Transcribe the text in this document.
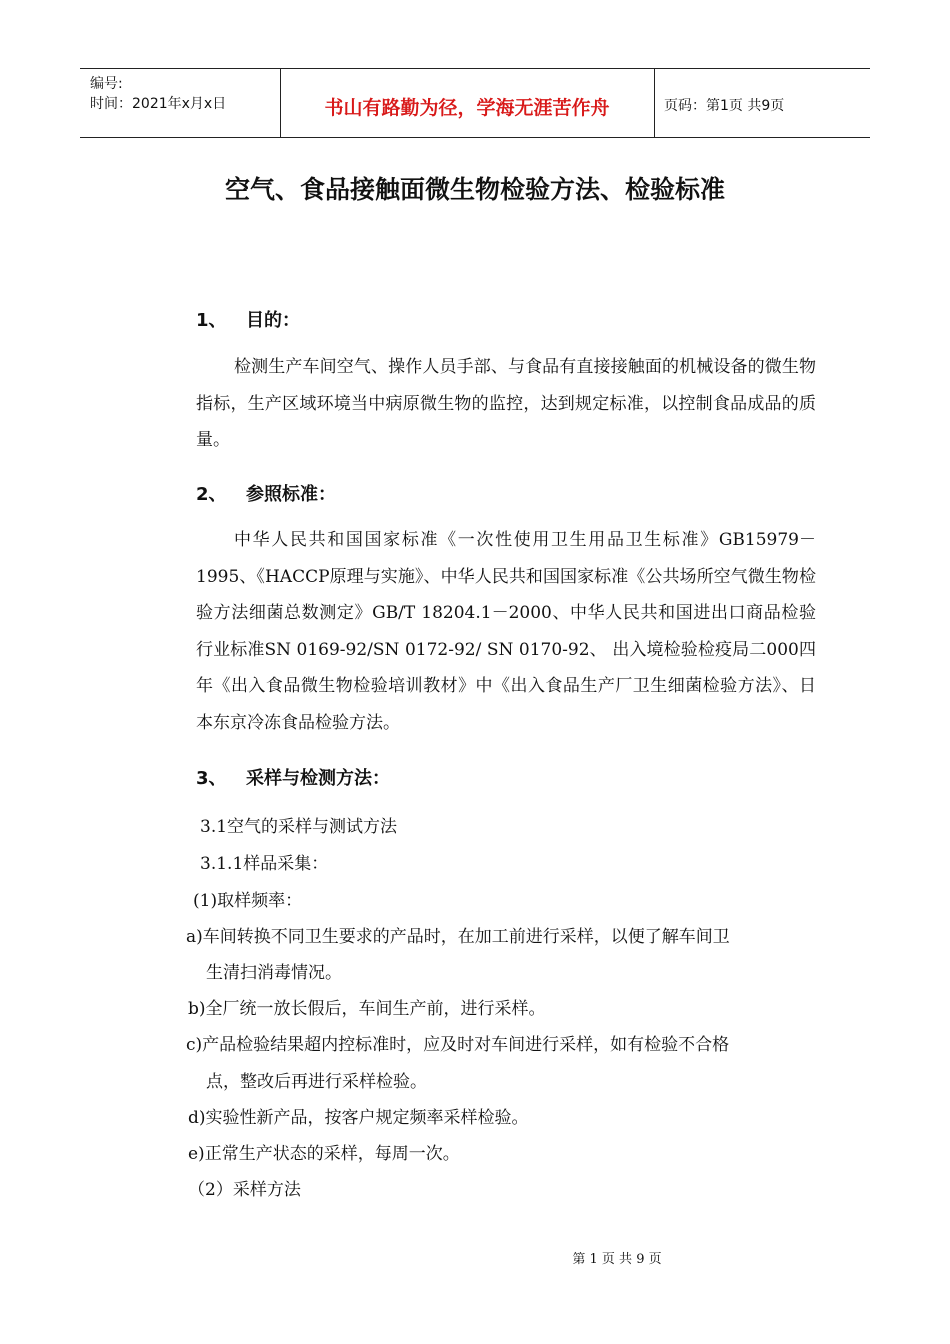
编号:
时间：2021年x月x日	书山有路勤为径，学海无涯苦作舟	页码：第1页 共9页
空气、食品接触面微生物检验方法、检验标准
1、 目的：
检测生产车间空气、操作人员手部、与食品有直接接触面的机械设备的微生物指标，生产区域环境当中病原微生物的监控，达到规定标准，以控制食品成品的质量。
2、 参照标准：
中华人民共和国国家标准《一次性使用卫生用品卫生标准》GB15979－1995、《HACCP原理与实施》、中华人民共和国国家标准《公共场所空气微生物检验方法细菌总数测定》GB/T 18204.1－2000、中华人民共和国进出口商品检验行业标准SN 0169-92/SN 0172-92/ SN 0170-92、 出入境检验检疫局二000四年《出入食品微生物检验培训教材》中《出入食品生产厂卫生细菌检验方法》、日本东京冷冻食品检验方法。
3、 采样与检测方法：
3.1空气的采样与测试方法
3.1.1样品采集：
(1)取样频率：
a)车间转换不同卫生要求的产品时，在加工前进行采样，以便了解车间卫
生清扫消毒情况。
b)全厂统一放长假后，车间生产前，进行采样。
c)产品检验结果超内控标准时，应及时对车间进行采样，如有检验不合格
点，整改后再进行采样检验。
d)实验性新产品，按客户规定频率采样检验。
e)正常生产状态的采样，每周一次。
（2）采样方法
第 1 页 共 9 页
